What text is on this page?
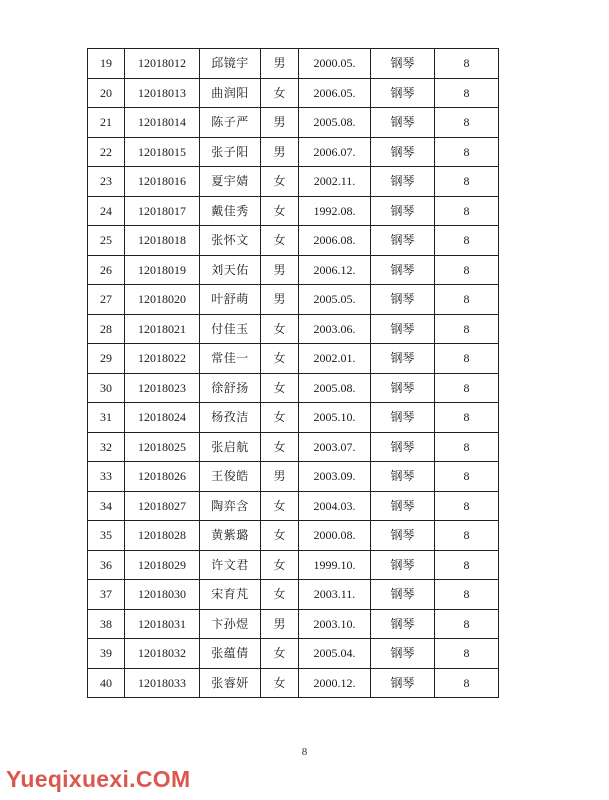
19	12018012	邱镜宇	男	2000.05.	钢琴	8
20	12018013	曲润阳	女	2006.05.	钢琴	8
21	12018014	陈子严	男	2005.08.	钢琴	8
22	12018015	张子阳	男	2006.07.	钢琴	8
23	12018016	夏宇婧	女	2002.11.	钢琴	8
24	12018017	戴佳秀	女	1992.08.	钢琴	8
25	12018018	张怀文	女	2006.08.	钢琴	8
26	12018019	刘天佑	男	2006.12.	钢琴	8
27	12018020	叶舒萌	男	2005.05.	钢琴	8
28	12018021	付佳玉	女	2003.06.	钢琴	8
29	12018022	常佳一	女	2002.01.	钢琴	8
30	12018023	徐舒扬	女	2005.08.	钢琴	8
31	12018024	杨孜洁	女	2005.10.	钢琴	8
32	12018025	张启航	女	2003.07.	钢琴	8
33	12018026	王俊皓	男	2003.09.	钢琴	8
34	12018027	陶弈含	女	2004.03.	钢琴	8
35	12018028	黄紫璐	女	2000.08.	钢琴	8
36	12018029	许文君	女	1999.10.	钢琴	8
37	12018030	宋育芃	女	2003.11.	钢琴	8
38	12018031	卞孙煜	男	2003.10.	钢琴	8
39	12018032	张蕴倩	女	2005.04.	钢琴	8
40	12018033	张睿妍	女	2000.12.	钢琴	8
8
Yueqixuexi.COM
